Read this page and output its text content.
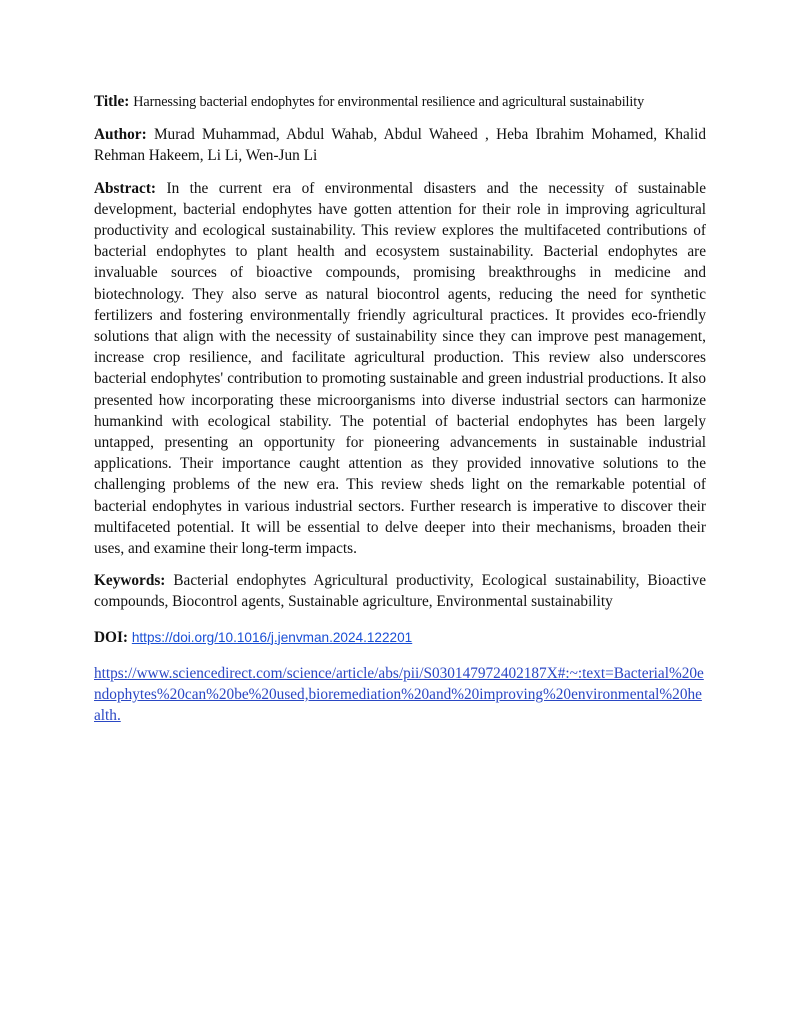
Title: Harnessing bacterial endophytes for environmental resilience and agricultural sustainability

Author: Murad Muhammad, Abdul Wahab, Abdul Waheed , Heba Ibrahim Mohamed, Khalid Rehman Hakeem, Li Li, Wen-Jun Li

Abstract: In the current era of environmental disasters and the necessity of sustainable development, bacterial endophytes have gotten attention for their role in improving agricultural productivity and ecological sustainability. This review explores the multifaceted contributions of bacterial endophytes to plant health and ecosystem sustainability. Bacterial endophytes are invaluable sources of bioactive compounds, promising breakthroughs in medicine and biotechnology. They also serve as natural biocontrol agents, reducing the need for synthetic fertilizers and fostering environmentally friendly agricultural practices. It provides eco-friendly solutions that align with the necessity of sustainability since they can improve pest management, increase crop resilience, and facilitate agricultural production. This review also underscores bacterial endophytes' contribution to promoting sustainable and green industrial productions. It also presented how incorporating these microorganisms into diverse industrial sectors can harmonize humankind with ecological stability. The potential of bacterial endophytes has been largely untapped, presenting an opportunity for pioneering advancements in sustainable industrial applications. Their importance caught attention as they provided innovative solutions to the challenging problems of the new era. This review sheds light on the remarkable potential of bacterial endophytes in various industrial sectors. Further research is imperative to discover their multifaceted potential. It will be essential to delve deeper into their mechanisms, broaden their uses, and examine their long-term impacts.

Keywords: Bacterial endophytes Agricultural productivity, Ecological sustainability, Bioactive compounds, Biocontrol agents, Sustainable agriculture, Environmental sustainability

DOI: https://doi.org/10.1016/j.jenvman.2024.122201

https://www.sciencedirect.com/science/article/abs/pii/S030147972402187X#:~:text=Bacterial%20endophytes%20can%20be%20used,bioremediation%20and%20improving%20environmental%20health.
